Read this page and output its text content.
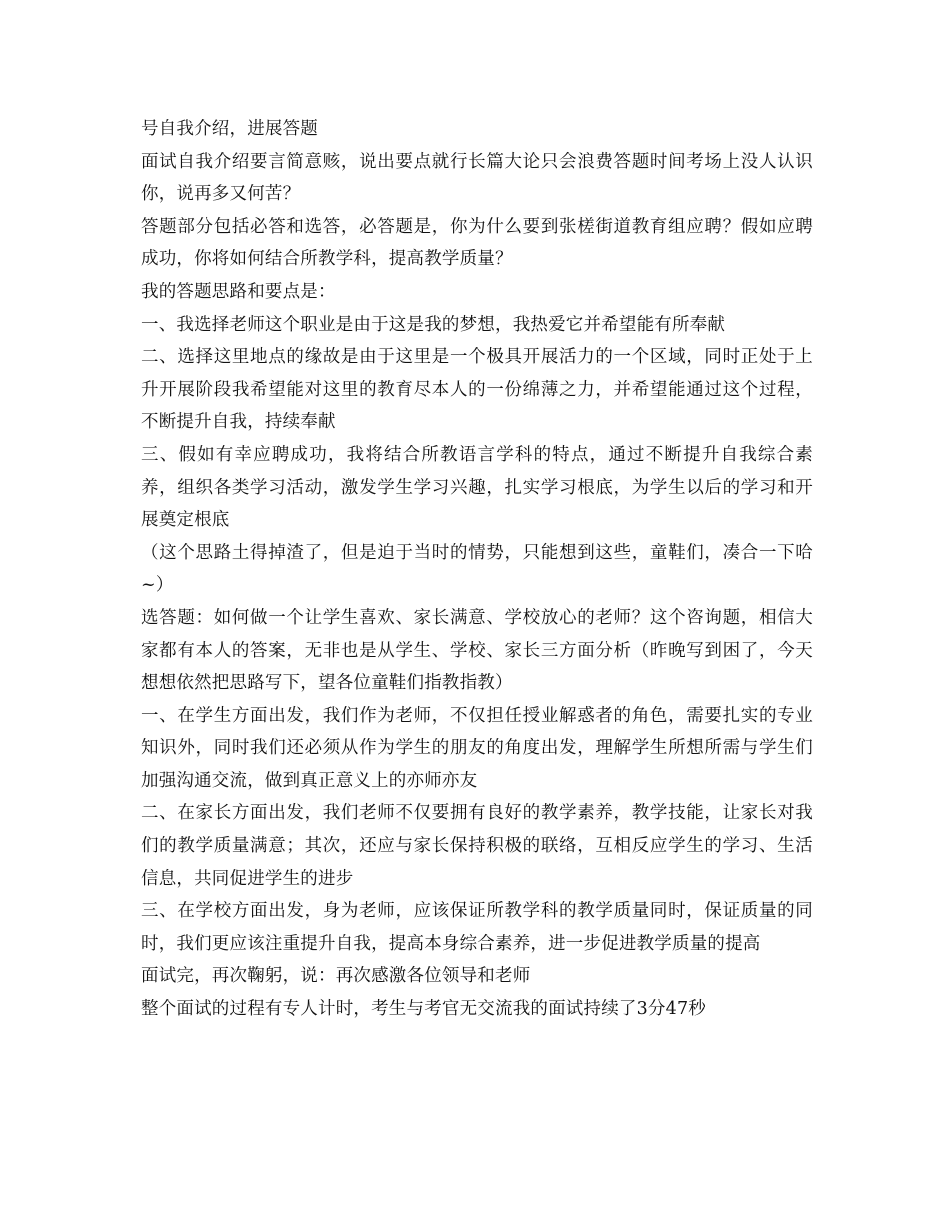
号自我介绍，进展答题

面试自我介绍要言简意赅，说出要点就行长篇大论只会浪费答题时间考场上没人认识你，说再多又何苦？

答题部分包括必答和选答，必答题是，你为什么要到张槎街道教育组应聘？假如应聘成功，你将如何结合所教学科，提高教学质量？

我的答题思路和要点是：

一、我选择老师这个职业是由于这是我的梦想，我热爱它并希望能有所奉献

二、选择这里地点的缘故是由于这里是一个极具开展活力的一个区域，同时正处于上升开展阶段我希望能对这里的教育尽本人的一份绵薄之力，并希望能通过这个过程，不断提升自我，持续奉献

三、假如有幸应聘成功，我将结合所教语言学科的特点，通过不断提升自我综合素养，组织各类学习活动，激发学生学习兴趣，扎实学习根底，为学生以后的学习和开展奠定根底

（这个思路土得掉渣了，但是迫于当时的情势，只能想到这些，童鞋们，凑合一下哈~）

选答题：如何做一个让学生喜欢、家长满意、学校放心的老师？这个咨询题，相信大家都有本人的答案，无非也是从学生、学校、家长三方面分析（昨晚写到困了，今天想想依然把思路写下，望各位童鞋们指教指教）

一、在学生方面出发，我们作为老师，不仅担任授业解惑者的角色，需要扎实的专业知识外，同时我们还必须从作为学生的朋友的角度出发，理解学生所想所需与学生们加强沟通交流，做到真正意义上的亦师亦友

二、在家长方面出发，我们老师不仅要拥有良好的教学素养，教学技能，让家长对我们的教学质量满意；其次，还应与家长保持积极的联络，互相反应学生的学习、生活信息，共同促进学生的进步

三、在学校方面出发，身为老师，应该保证所教学科的教学质量同时，保证质量的同时，我们更应该注重提升自我，提高本身综合素养，进一步促进教学质量的提高

面试完，再次鞠躬，说：再次感激各位领导和老师

整个面试的过程有专人计时，考生与考官无交流我的面试持续了3分47秒
